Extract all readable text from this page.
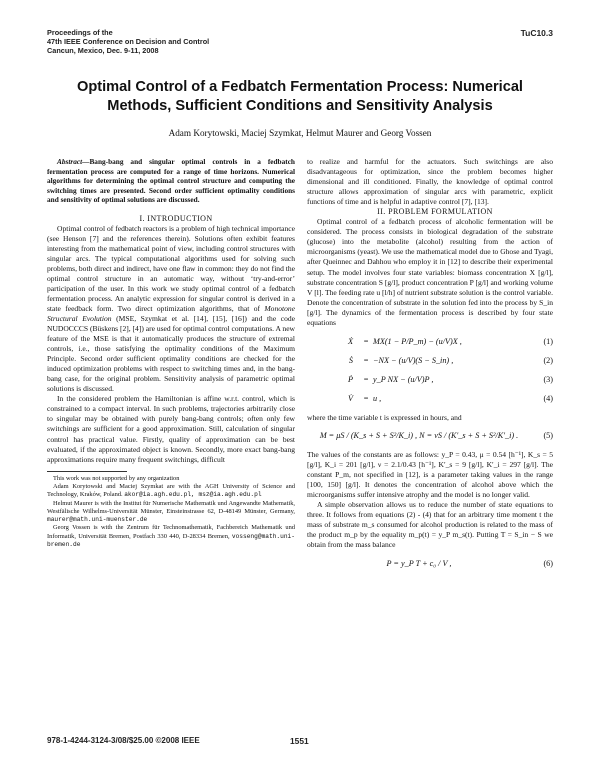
Proceedings of the
47th IEEE Conference on Decision and Control
Cancun, Mexico, Dec. 9-11, 2008
TuC10.3
Optimal Control of a Fedbatch Fermentation Process: Numerical
Methods, Sufficient Conditions and Sensitivity Analysis
Adam Korytowski, Maciej Szymkat, Helmut Maurer and Georg Vossen

Abstract—Bang-bang and singular optimal controls in a fedbatch fermentation process are computed for a range of time horizons. Numerical algorithms for determining the optimal control structure and computing the switching times are presented. Second order sufficient optimality conditions and sensitivity of optimal solutions are discussed.

I. INTRODUCTION

Optimal control of fedbatch reactors is a problem of high technical importance (see Henson [7] and the references therein). Solutions often exhibit features interesting from the mathematical point of view, including control structures with singular arcs. The typical computational algorithms used for solving such problems, both direct and indirect, have one flaw in common: they do not find the optimal control structure in an automatic way, without ‘try-and-error’ participation of the user. In this work we study optimal control of a fedbatch fermentation process. An analytic expression for singular control is derived in a state feedback form. Two direct optimization algorithms, that of Monotone Structural Evolution (MSE, Szymkat et al. [14], [15], [16]) and the code NUDOCCCS (Büskens [2], [4]) are used for optimal control computations. A new feature of the MSE is that it automatically produces the structure of extremal controls, i.e., those satisfying the optimality conditions of the Maximum Principle. Second order sufficient optimality conditions are checked for the induced optimization problems with respect to switching times and, in the bang-bang case, for the original problem. Sensitivity analysis of parametric optimal solutions is discussed.

In the considered problem the Hamiltonian is affine w.r.t. control, which is constrained to a compact interval. In such problems, trajectories arbitrarily close to singular may be obtained with purely bang-bang controls; often only few switchings are sufficient for a good approximation. Still, calculation of singular control has practical value. Firstly, quality of approximation can be best evaluated, if the approximated object is known. Secondly, more exact bang-bang approximations require many frequent switchings, difficult

This work was not supported by any organization

Adam Korytowski and Maciej Szymkat are with the AGH University of Science and Technology, Kraków, Poland. akor@ia.agh.edu.pl, msz@ia.agh.edu.pl

Helmut Maurer is with the Institut für Numerische Mathematik und Angewandte Mathematik, Westfälische Wilhelms-Universität Münster, Einsteinstrasse 62, D-48149 Münster, Germany, maurer@math.uni-muenster.de

Georg Vossen is with the Zentrum für Technomathematik, Fachbereich Mathematik und Informatik, Universität Bremen, Postfach 330 440, D-28334 Bremen, vosseng@math.uni-bremen.de

to realize and harmful for the actuators. Such switchings are also disadvantageous for optimization, since the problem becomes higher dimensional and ill conditioned. Finally, the knowledge of optimal control structure allows approximation of singular arcs with parametric, explicit functions of time and is helpful in adaptive control [7], [13].

II. PROBLEM FORMULATION

Optimal control of a fedbatch process of alcoholic fermentation will be considered. The process consists in biological degradation of the substrate (glucose) into the metabolite (alcohol) resulting from the action of microorganisms (yeast). We use the mathematical model due to Ghose and Tyagi, after Queinnec and Dahhou who employ it in [12] to describe their experimental setup. The model involves four state variables: biomass concentration X [g/l], substrate concentration S [g/l], product concentration P [g/l] and working volume V [l]. The feeding rate u [l/h] of nutrient substrate solution is the control variable. Denote the concentration of substrate in the solution fed into the process by S_in [g/l]. The dynamics of the fermentation process is described by four state equations

Ẋ	= MX(1 − P/P_m) − (u/V)X ,	(1)
Ṡ	= −NX − (u/V)(S − S_in) ,	(2)
Ṗ	= y_P NX − (u/V)P ,	(3)
V̇	= u ,	(4)

where the time variable t is expressed in hours, and

M = μS / (K_s + S + S²/K_i) , N = νS / (K′_s + S + S²/K′_i) .	(5)

The values of the constants are as follows: y_P = 0.43, μ = 0.54 [h⁻¹], K_s = 5 [g/l], K_i = 201 [g/l], ν = 2.1/0.43 [h⁻¹], K′_s = 9 [g/l], K′_i = 297 [g/l]. The constant P_m, not specified in [12], is a parameter taking values in the range [100, 150] [g/l]. It denotes the concentration of alcohol above which the microorganisms suffer intensive atrophy and the model is no longer valid.

A simple observation allows us to reduce the number of state equations to three. It follows from equations (2) - (4) that for an arbitrary time moment t the mass of substrate m_s consumed for alcohol production is related to the mass of the product m_p by the equality m_p(t) = y_P m_s(t). Putting T = S_in − S we obtain from the mass balance

P = y_P T + c₀ / V ,	(6)
978-1-4244-3124-3/08/$25.00 ©2008 IEEE	1551
